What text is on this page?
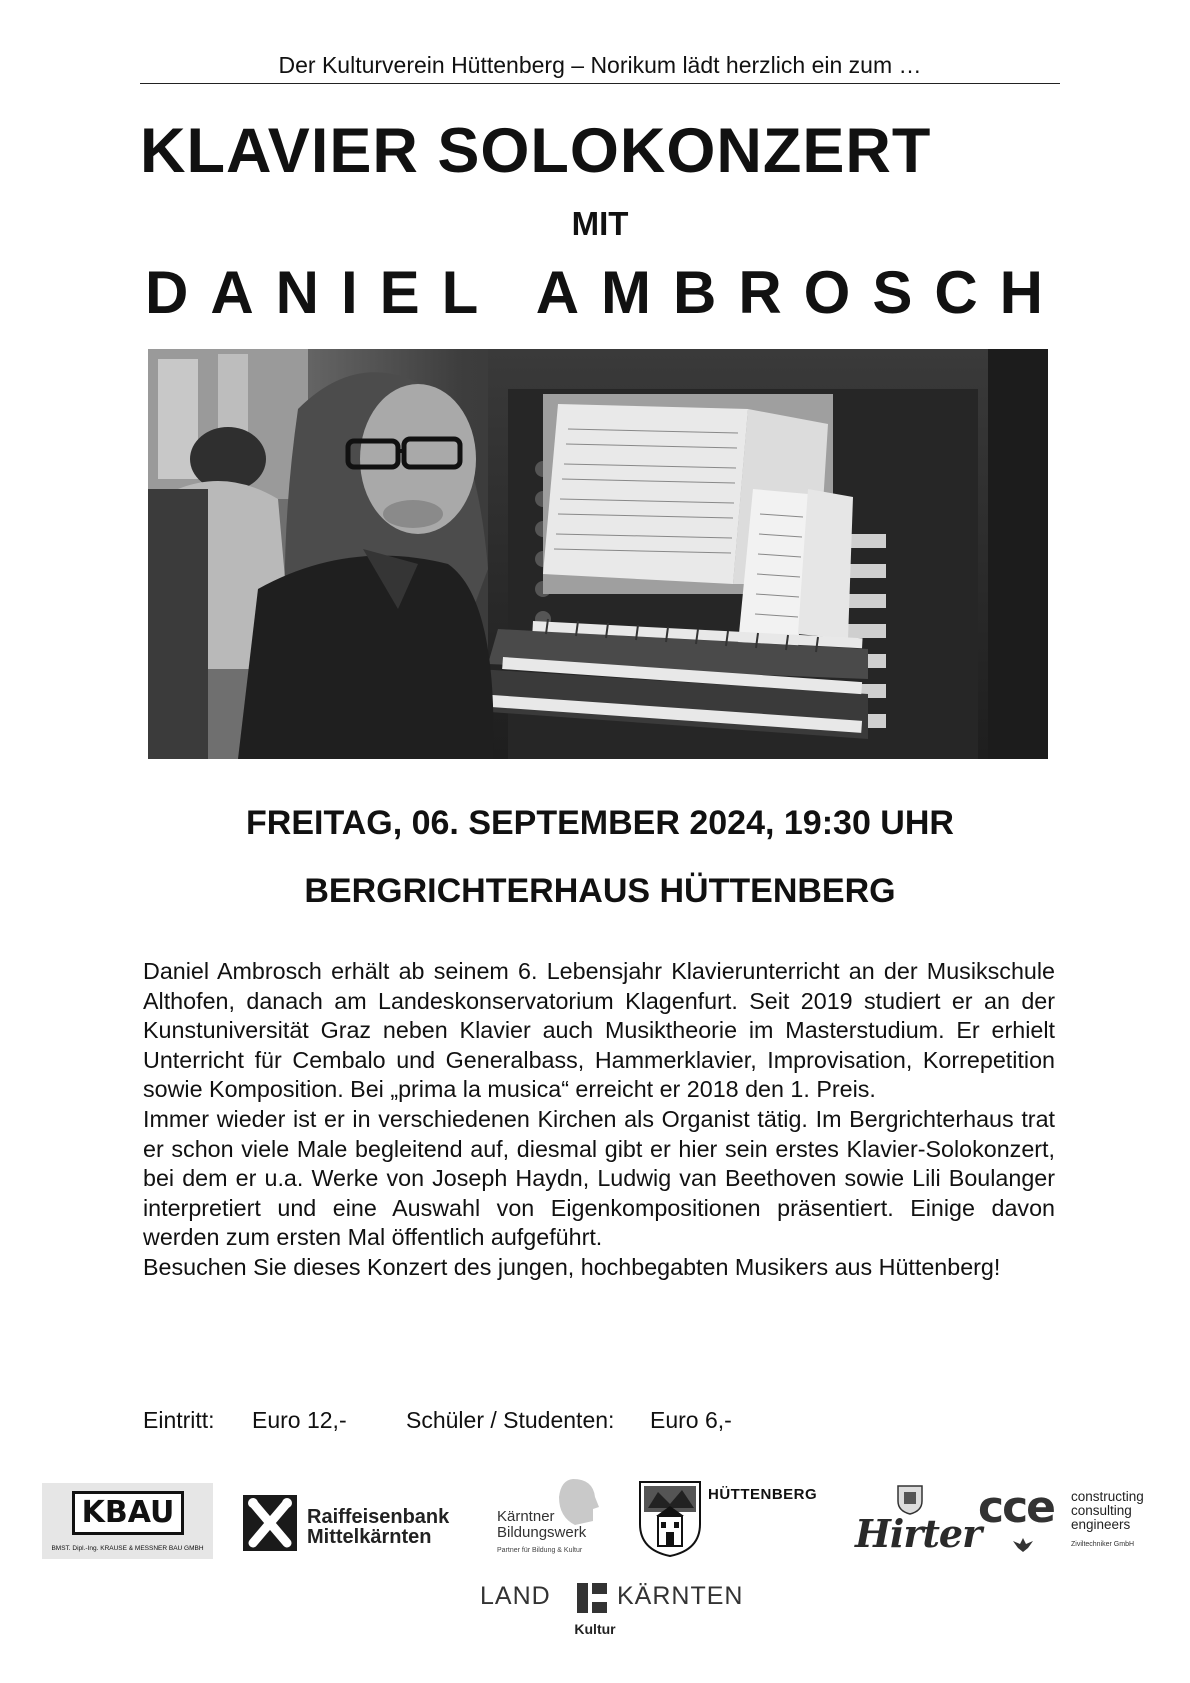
Der Kulturverein Hüttenberg – Norikum lädt herzlich ein zum …
KLAVIER SOLOKONZERT
MIT
DANIEL AMBROSCH
FREITAG, 06. SEPTEMBER 2024, 19:30 UHR
BERGRICHTERHAUS HÜTTENBERG

Daniel Ambrosch erhält ab seinem 6. Lebensjahr Klavierunterricht an der Musikschule Althofen, danach am Landeskonservatorium Klagenfurt. Seit 2019 studiert er an der Kunstuniversität Graz neben Klavier auch Musiktheorie im Masterstudium. Er erhielt Unterricht für Cembalo und Generalbass, Hammerklavier, Improvisation, Korrepetition sowie Komposition. Bei „prima la musica“ erreicht er 2018 den 1. Preis.

Immer wieder ist er in verschiedenen Kirchen als Organist tätig. Im Bergrichterhaus trat er schon viele Male begleitend auf, diesmal gibt er hier sein erstes Klavier-Solokonzert, bei dem er u.a. Werke von Joseph Haydn, Ludwig van Beethoven sowie Lili Boulanger interpretiert und eine Auswahl von Eigenkompositionen präsentiert. Einige davon werden zum ersten Mal öffentlich aufgeführt.

Besuchen Sie dieses Konzert des jungen, hochbegabten Musikers aus Hüttenberg!

Eintritt: Euro 12,-	Schüler / Studenten: Euro 6,-
KBAU
BMST. Dipl.-Ing. KRAUSE & MESSNER BAU GMBH
Raiffeisenbank
Mittelkärnten
Kärntner
Bildungswerk
Partner für Bildung & Kultur
HÜTTENBERG
Hirter
cce constructing
consulting
engineers
Ziviltechniker GmbH
LAND	KÄRNTEN
Kultur
